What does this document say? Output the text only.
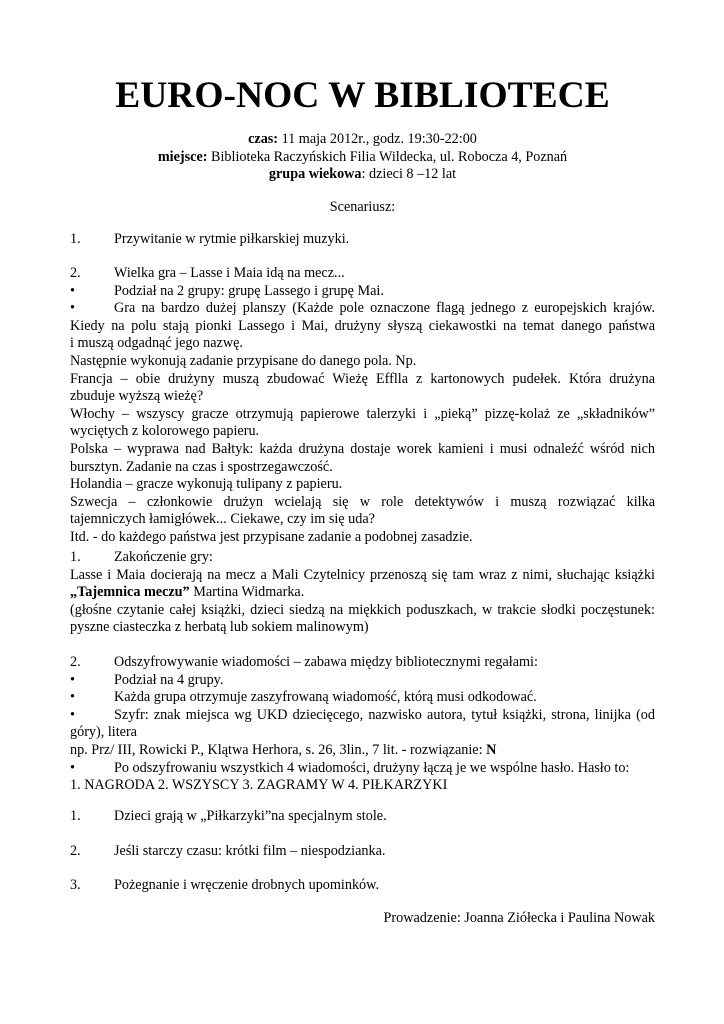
EURO-NOC W BIBLIOTECE
czas: 11 maja 2012r., godz. 19:30-22:00
miejsce: Biblioteka Raczyńskich Filia Wildecka, ul. Robocza 4, Poznań
grupa wiekowa: dzieci 8 –12 lat
Scenariusz:
1. Przywitanie w rytmie piłkarskiej muzyki.
2. Wielka gra – Lasse i Maia idą na mecz...
•	Podział na 2 grupy: grupę Lassego i grupę Mai.
•	Gra na bardzo dużej planszy (Każde pole oznaczone flagą jednego z europejskich krajów.
Kiedy na polu stają pionki Lassego i Mai, drużyny słyszą ciekawostki na temat danego państwa
i muszą odgadnąć jego nazwę.
Następnie wykonują zadanie przypisane do danego pola. Np.
Francja – obie drużyny muszą zbudować Wieżę Efflla z kartonowych pudełek. Która drużyna
zbuduje wyższą wieżę?
Włochy – wszyscy gracze otrzymują papierowe talerzyki i „pieką” pizzę-kolaż ze „składników”
wyciętych z kolorowego papieru.
Polska – wyprawa nad Bałtyk: każda drużyna dostaje worek kamieni i musi odnaleźć wśród nich
bursztyn. Zadanie na czas i spostrzegawczość.
Holandia – gracze wykonują tulipany z papieru.
Szwecja – członkowie drużyn wcielają się w role detektywów i muszą rozwiązać kilka
tajemniczych łamigłówek... Ciekawe, czy im się uda?
Itd. - do każdego państwa jest przypisane zadanie a podobnej zasadzie.
1. Zakończenie gry:
Lasse i Maia docierają na mecz a Mali Czytelnicy przenoszą się tam wraz z nimi, słuchając książki
„Tajemnica meczu” Martina Widmarka.
(głośne czytanie całej książki, dzieci siedzą na miękkich poduszkach, w trakcie słodki poczęstunek:
pyszne ciasteczka z herbatą lub sokiem malinowym)
2. Odszyfrowywanie wiadomości – zabawa między bibliotecznymi regałami:
•	Podział na 4 grupy.
•	Każda grupa otrzymuje zaszyfrowaną wiadomość, którą musi odkodować.
•	Szyfr: znak miejsca wg UKD dziecięcego, nazwisko autora, tytuł książki, strona, linijka (od
góry), litera
np. Prz/ III, Rowicki P., Klątwa Herhora, s. 26, 3lin., 7 lit. - rozwiązanie: N
•	Po odszyfrowaniu wszystkich 4 wiadomości, drużyny łączą je we wspólne hasło. Hasło to:
1. NAGRODA 2. WSZYSCY 3. ZAGRAMY W 4. PIŁKARZYKI
1. Dzieci grają w „Piłkarzyki”na specjalnym stole.
2. Jeśli starczy czasu: krótki film – niespodzianka.
3. Pożegnanie i wręczenie drobnych upominków.
Prowadzenie: Joanna Ziółecka i Paulina Nowak
